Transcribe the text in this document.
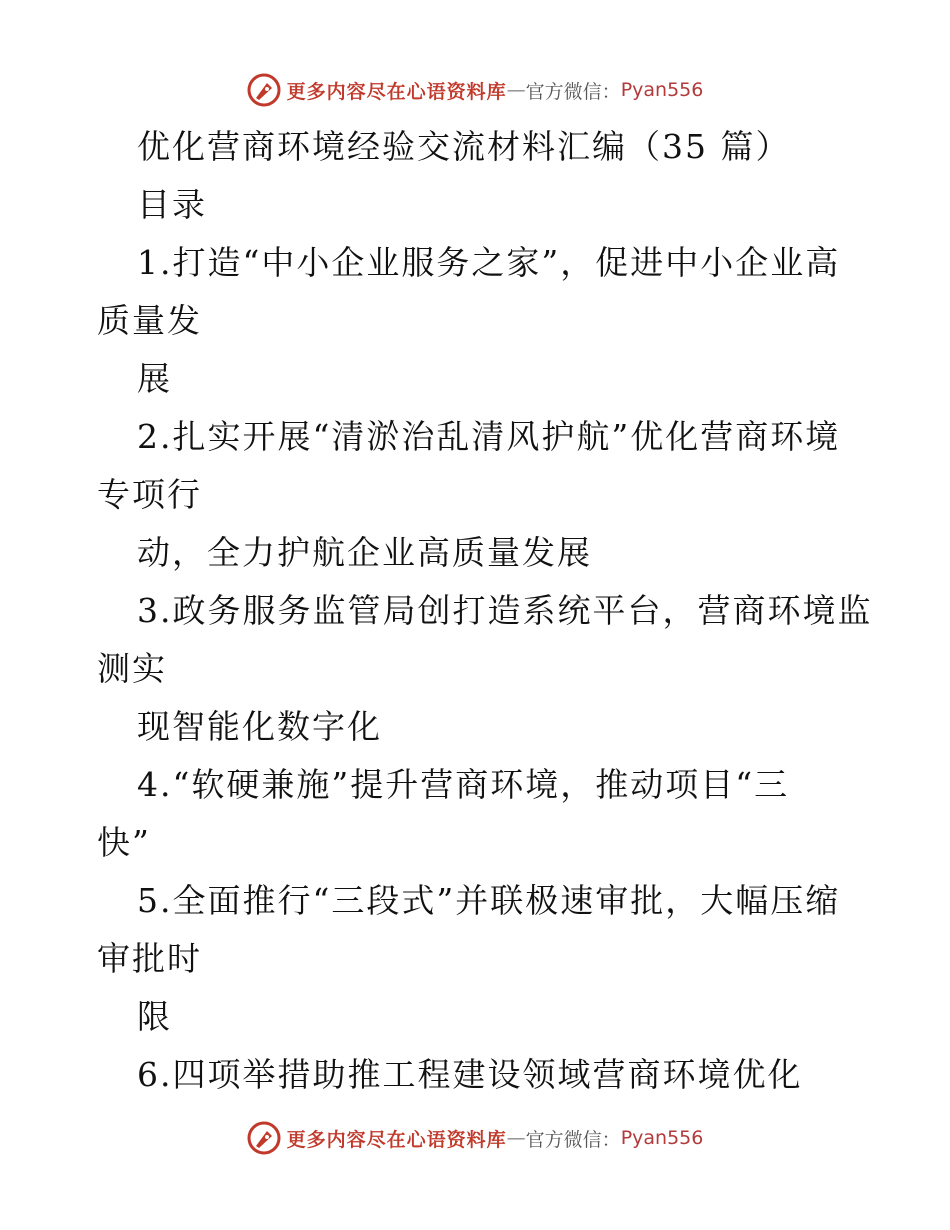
更多内容尽在心语资料库 — 官方微信： Pyan556
优化营商环境经验交流材料汇编（35 篇）
目录
1.打造“中小企业服务之家”，促进中小企业高
质量发
展
2.扎实开展“清淤治乱清风护航”优化营商环境
专项行
动，全力护航企业高质量发展
3.政务服务监管局创打造系统平台，营商环境监
测实
现智能化数字化
4.“软硬兼施”提升营商环境，推动项目“三
快”
5.全面推行“三段式”并联极速审批，大幅压缩
审批时
限
6.四项举措助推工程建设领域营商环境优化
更多内容尽在心语资料库 — 官方微信： Pyan556
